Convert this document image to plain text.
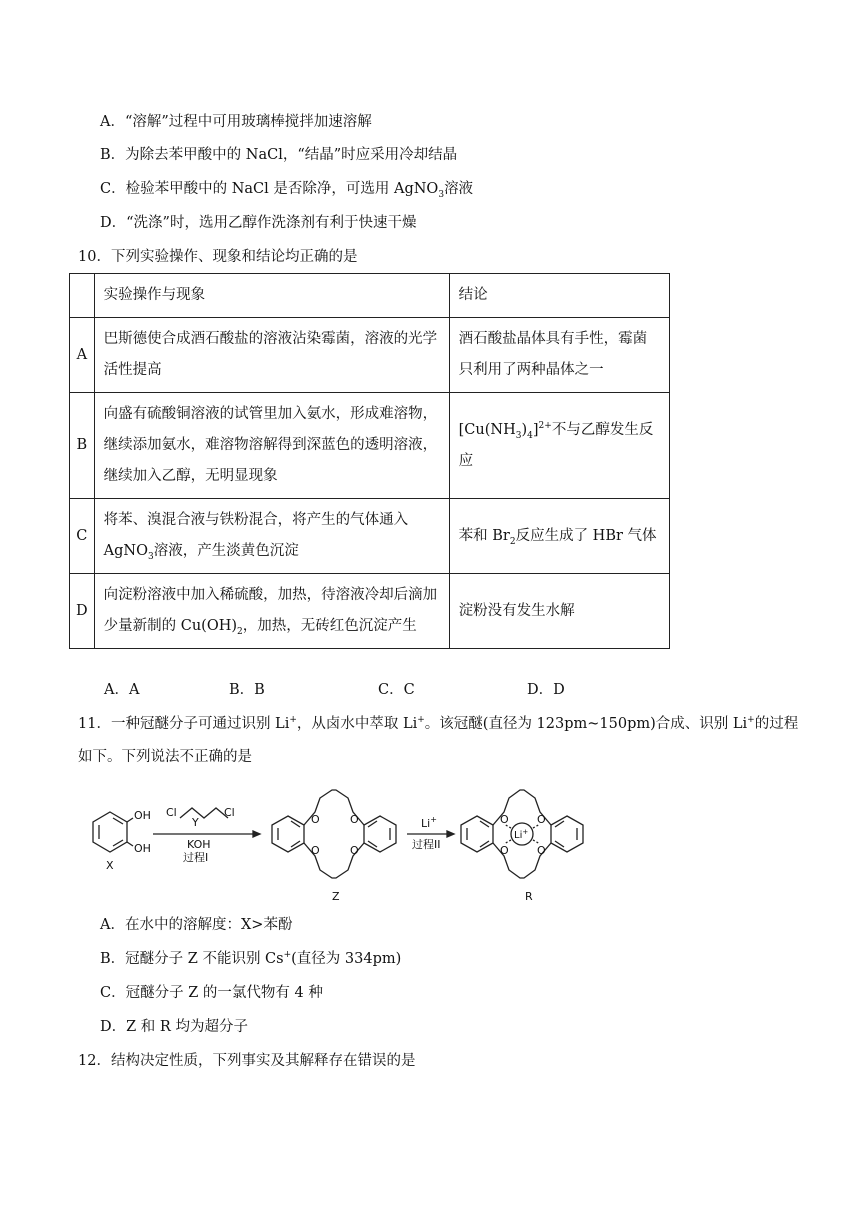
A．“溶解”过程中可用玻璃棒搅拌加速溶解
B．为除去苯甲酸中的 NaCl，“结晶”时应采用冷却结晶
C．检验苯甲酸中的 NaCl 是否除净，可选用 AgNO$_3$溶液
D．“洗涤”时，选用乙醇作洗涤剂有利于快速干燥
10．下列实验操作、现象和结论均正确的是
	实验操作与现象	结论
A	巴斯德使合成酒石酸盐的溶液沾染霉菌，溶液的光学活性提高	酒石酸盐晶体具有手性，霉菌只利用了两种晶体之一
B	向盛有硫酸铜溶液的试管里加入氨水，形成难溶物，继续添加氨水，难溶物溶解得到深蓝色的透明溶液，继续加入乙醇，无明显现象	$[Cu(NH_3)_4]^{2+}$不与乙醇发生反应
C	将苯、溴混合液与铁粉混合，将产生的气体通入 AgNO$_3$溶液，产生淡黄色沉淀	苯和 $Br_2$反应生成了 HBr 气体
D	向淀粉溶液中加入稀硫酸，加热，待溶液冷却后滴加少量新制的 $Cu(OH)_2$，加热，无砖红色沉淀产生	淀粉没有发生水解
A．A	B．B	C．C	D．D
11．一种冠醚分子可通过识别 Li+，从卤水中萃取 Li+。该冠醚(直径为 123pm~150pm)合成、识别 Li+的过程
如下。下列说法不正确的是
OH
OH
X
Cl	Cl
Y
KOH
过程I
Li+
过程II
O	O
O	O
Z
O	O
O	O
Li+
R
A．在水中的溶解度：X>苯酚
B．冠醚分子 Z 不能识别 Cs+(直径为 334pm)
C．冠醚分子 Z 的一氯代物有 4 种
D．Z 和 R 均为超分子
12．结构决定性质，下列事实及其解释存在错误的是
